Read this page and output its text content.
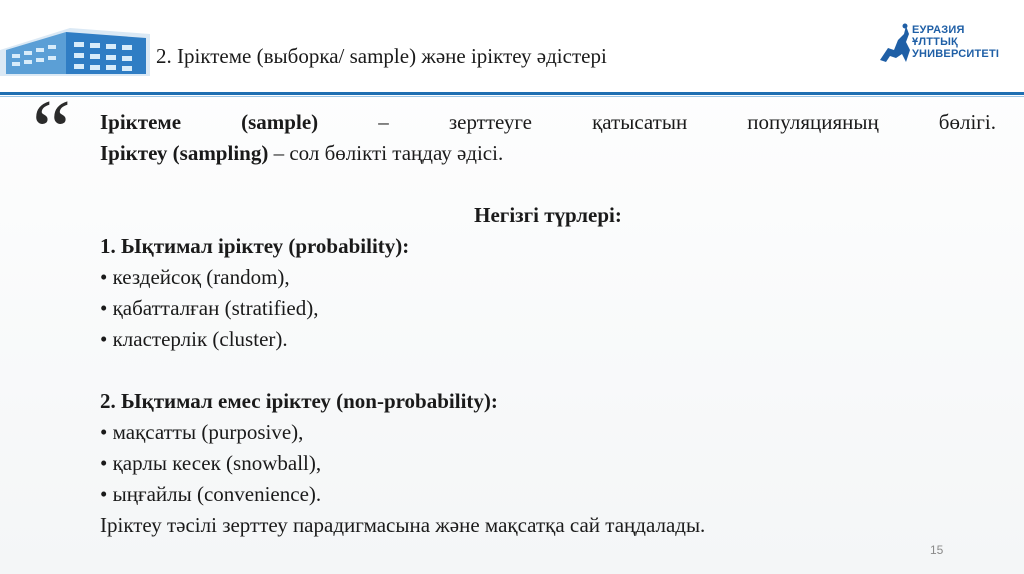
2. Іріктеме (выборка/ sample) және іріктеу әдістері
ЕУРАЗИЯ
ҰЛТТЫҚ
УНИВЕРСИТЕТІ
“ Іріктеме	(sample)	– зерттеуге қатысатын популяцияның бөлігі.

Іріктеу (sampling) – сол бөлікті таңдау әдісі.

Негізгі түрлері:

1. Ықтимал іріктеу (probability):

• кездейсоқ (random),

• қабатталған (stratified),

• кластерлік (cluster).

2. Ықтимал емес іріктеу (non-probability):

• мақсатты (purposive),

• қарлы кесек (snowball),

• ыңғайлы (convenience).

Іріктеу тәсілі зерттеу парадигмасына және мақсатқа сай таңдалады.

15
